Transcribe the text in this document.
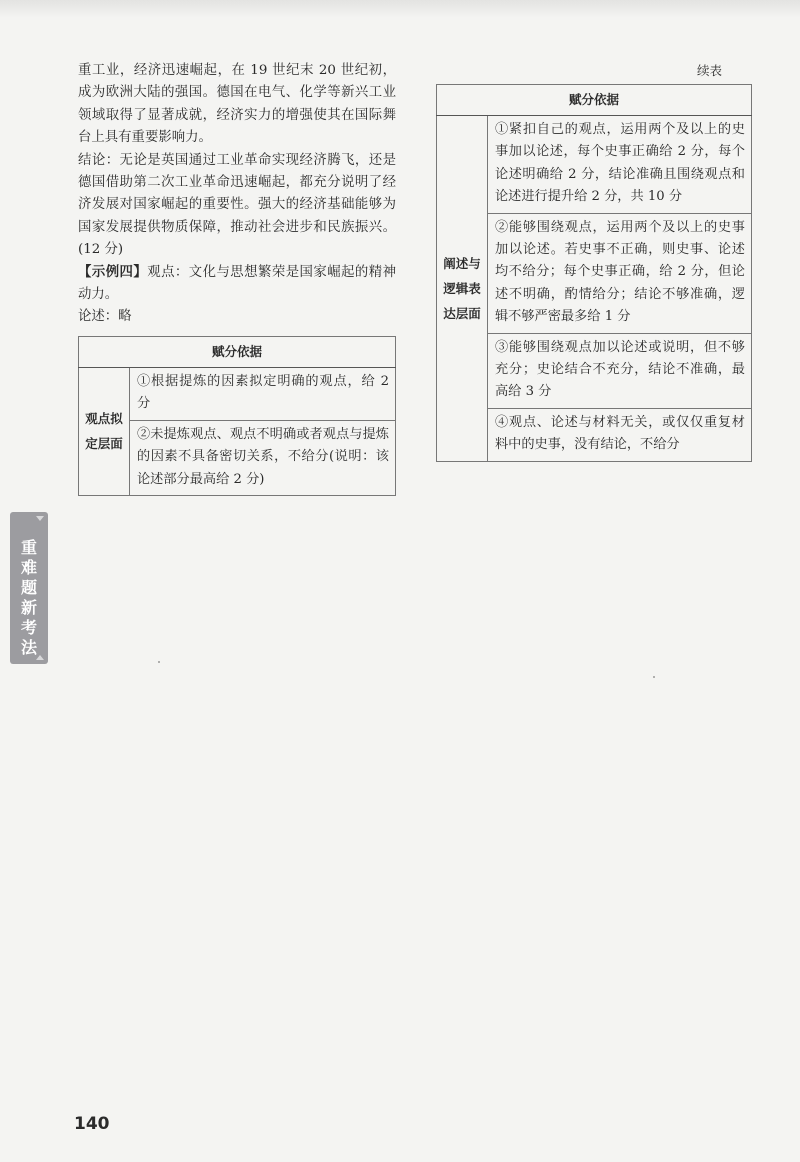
重工业，经济迅速崛起，在 19 世纪末 20 世纪初，成为欧洲大陆的强国。德国在电气、化学等新兴工业领域取得了显著成就，经济实力的增强使其在国际舞台上具有重要影响力。

结论：无论是英国通过工业革命实现经济腾飞，还是德国借助第二次工业革命迅速崛起，都充分说明了经济发展对国家崛起的重要性。强大的经济基础能够为国家发展提供物质保障，推动社会进步和民族振兴。(12 分)

【示例四】观点：文化与思想繁荣是国家崛起的精神动力。

论述：略

赋分依据
观点拟定层面	①根据提炼的因素拟定明确的观点，给 2 分
②未提炼观点、观点不明确或者观点与提炼的因素不具备密切关系，不给分(说明：该论述部分最高给 2 分)
续表
赋分依据
阐述与逻辑表达层面	①紧扣自己的观点，运用两个及以上的史事加以论述，每个史事正确给 2 分，每个论述明确给 2 分，结论准确且围绕观点和论述进行提升给 2 分，共 10 分
②能够围绕观点，运用两个及以上的史事加以论述。若史事不正确，则史事、论述均不给分；每个史事正确，给 2 分，但论述不明确，酌情给分；结论不够准确，逻辑不够严密最多给 1 分
③能够围绕观点加以论述或说明，但不够充分；史论结合不充分，结论不准确，最高给 3 分
④观点、论述与材料无关，或仅仅重复材料中的史事，没有结论，不给分
重
难
题
新
考
法
140
